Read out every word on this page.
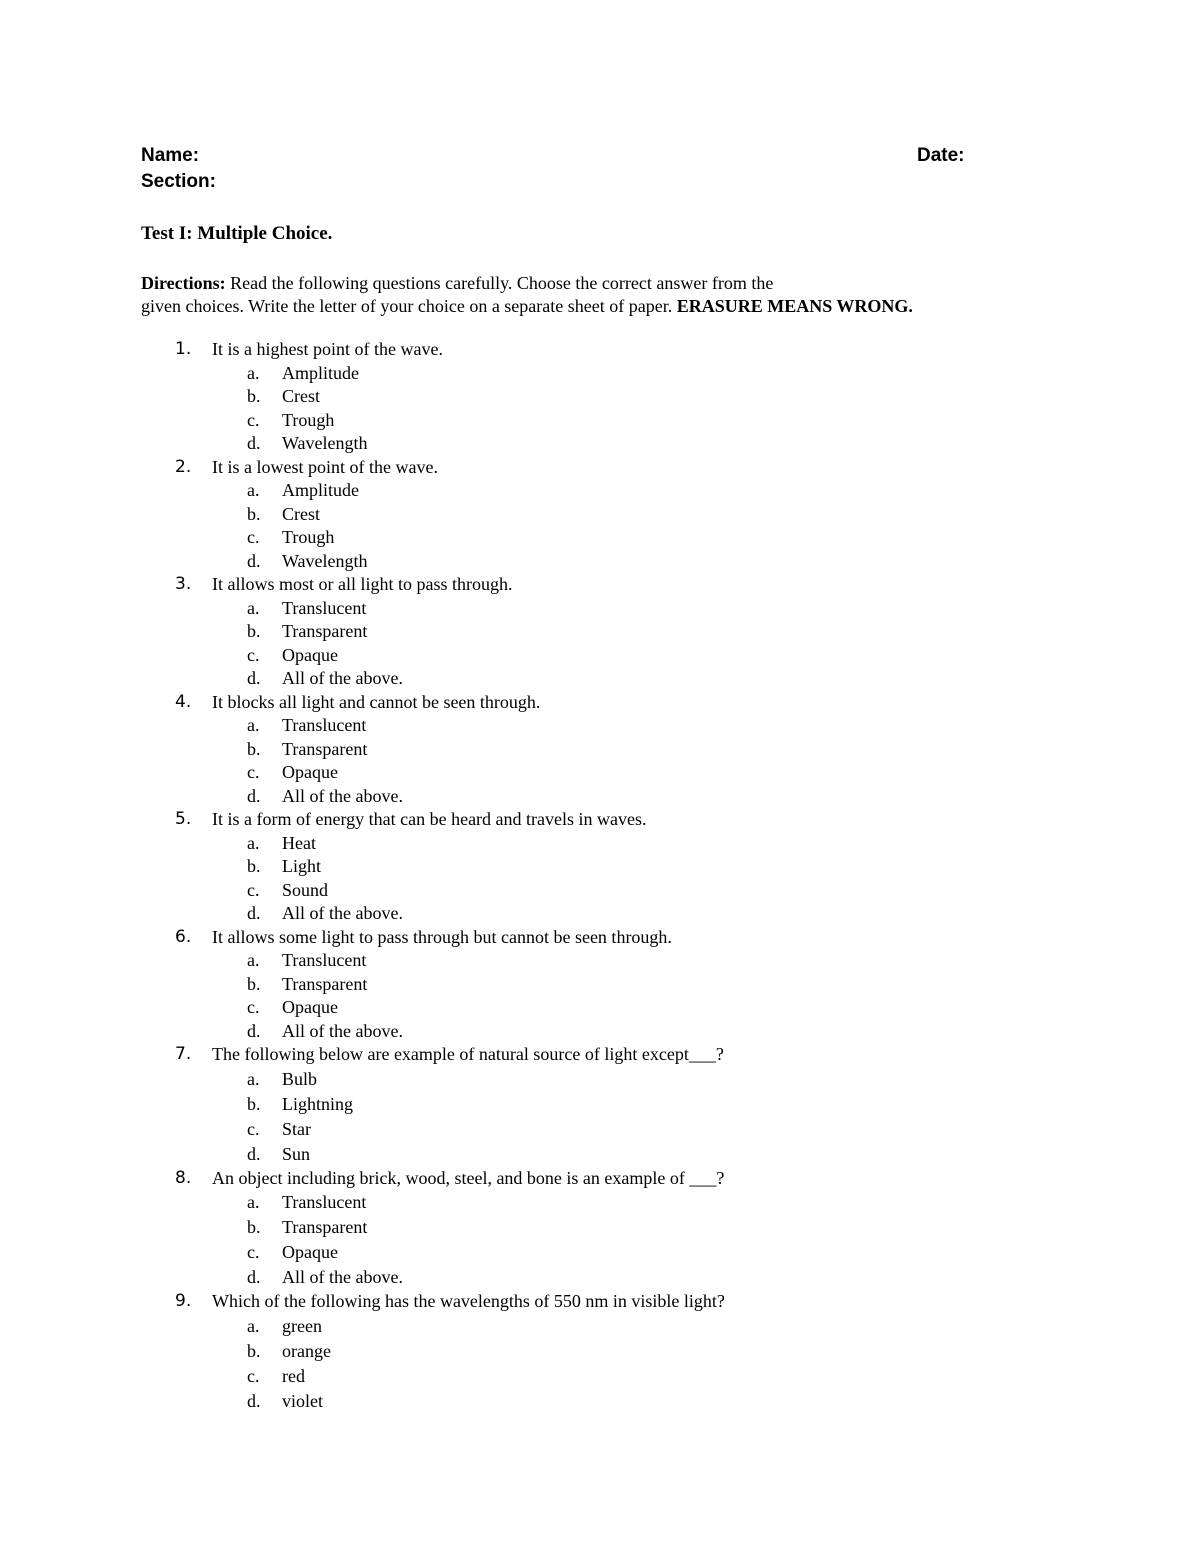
Name:	Date:
Section:
Test I: Multiple Choice.
Directions: Read the following questions carefully. Choose the correct answer from the
given choices. Write the letter of your choice on a separate sheet of paper. ERASURE MEANS WRONG.
1. It is a highest point of the wave.
a. Amplitude
b. Crest
c. Trough
d. Wavelength
2. It is a lowest point of the wave.
a. Amplitude
b. Crest
c. Trough
d. Wavelength
3. It allows most or all light to pass through.
a. Translucent
b. Transparent
c. Opaque
d. All of the above.
4. It blocks all light and cannot be seen through.
a. Translucent
b. Transparent
c. Opaque
d. All of the above.
5. It is a form of energy that can be heard and travels in waves.
a. Heat
b. Light
c. Sound
d. All of the above.
6. It allows some light to pass through but cannot be seen through.
a. Translucent
b. Transparent
c. Opaque
d. All of the above.
7. The following below are example of natural source of light except___?
a. Bulb
b. Lightning
c. Star
d. Sun
8. An object including brick, wood, steel, and bone is an example of ___?
a. Translucent
b. Transparent
c. Opaque
d. All of the above.
9. Which of the following has the wavelengths of 550 nm in visible light?
a. green
b. orange
c. red
d. violet
